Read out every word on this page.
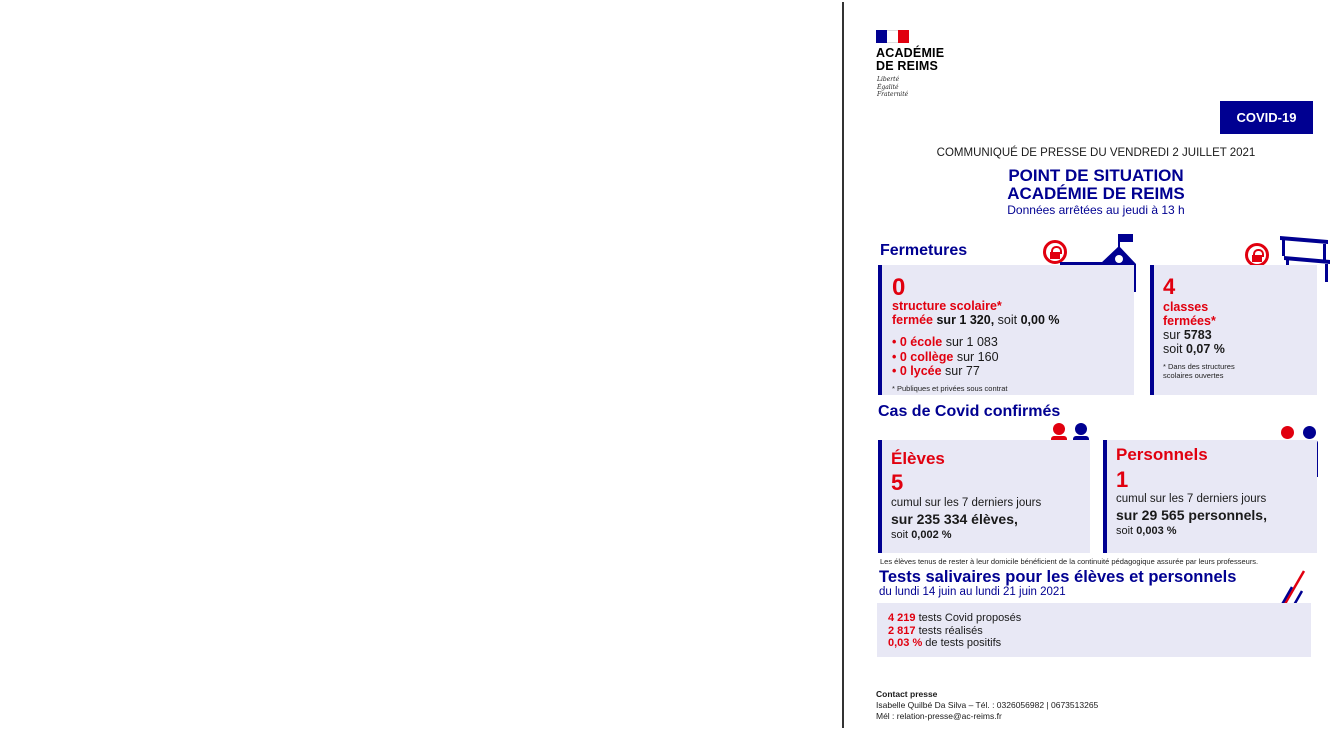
ACADÉMIE
DE REIMS
Liberté
Égalité
Fraternité
COVID-19
COMMUNIQUÉ DE PRESSE DU VENDREDI 2 JUILLET 2021
POINT DE SITUATION
ACADÉMIE DE REIMS
Données arrêtées au jeudi à 13 h
Fermetures
0
structure scolaire*
fermée sur 1 320, soit 0,00 %
• 0 école sur 1 083
• 0 collège sur 160
• 0 lycée sur 77
* Publiques et privées sous contrat
4
classes
fermées*
sur 5783
soit 0,07 %
* Dans des structures
scolaires ouvertes
Cas de Covid confirmés
Élèves
5
cumul sur les 7 derniers jours
sur 235 334 élèves,
soit 0,002 %
Personnels
1
cumul sur les 7 derniers jours
sur 29 565 personnels,
soit 0,003 %
Les élèves tenus de rester à leur domicile bénéficient de la continuité pédagogique assurée par leurs professeurs.
Tests salivaires pour les élèves et personnels
du lundi 14 juin au lundi 21 juin 2021
4 219 tests Covid proposés
2 817 tests réalisés
0,03 % de tests positifs
Contact presse
Isabelle Quilbé Da Silva – Tél. : 0326056982 | 0673513265
Mél : relation-presse@ac-reims.fr
